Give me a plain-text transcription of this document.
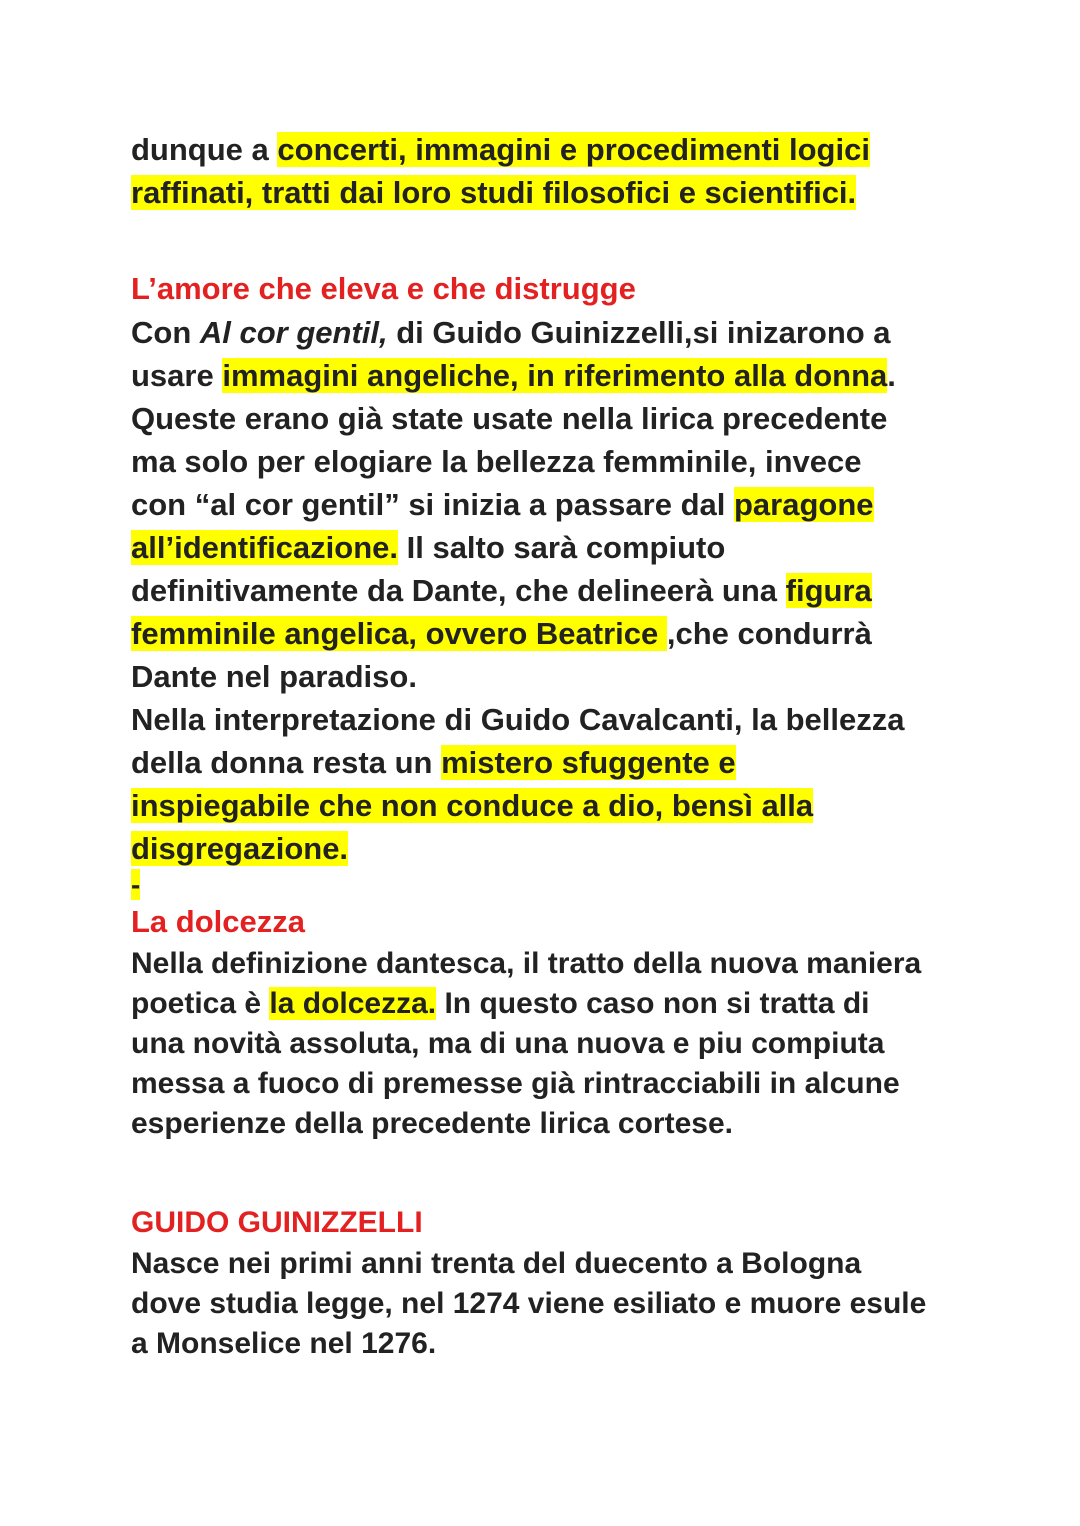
dunque a concerti, immagini e procedimenti logici
raffinati, tratti dai loro studi filosofici e scientifici.
L’amore che eleva e che distrugge
Con Al cor gentil, di Guido Guinizzelli,si inizarono a
usare immagini angeliche, in riferimento alla donna.
Queste erano già state usate nella lirica precedente
ma solo per elogiare la bellezza femminile, invece
con “al cor gentil” si inizia a passare dal paragone
all’identificazione. Il salto sarà compiuto
definitivamente da Dante, che delineerà una figura
femminile angelica, ovvero Beatrice ,che condurrà
Dante nel paradiso.
Nella interpretazione di Guido Cavalcanti, la bellezza
della donna resta un mistero sfuggente e
inspiegabile che non conduce a dio, bensì alla
disgregazione.
-
La dolcezza
Nella definizione dantesca, il tratto della nuova maniera
poetica è la dolcezza. In questo caso non si tratta di
una novità assoluta, ma di una nuova e piu compiuta
messa a fuoco di premesse già rintracciabili in alcune
esperienze della precedente lirica cortese.
GUIDO GUINIZZELLI
Nasce nei primi anni trenta del duecento a Bologna
dove studia legge, nel 1274 viene esiliato e muore esule
a Monselice nel 1276.
